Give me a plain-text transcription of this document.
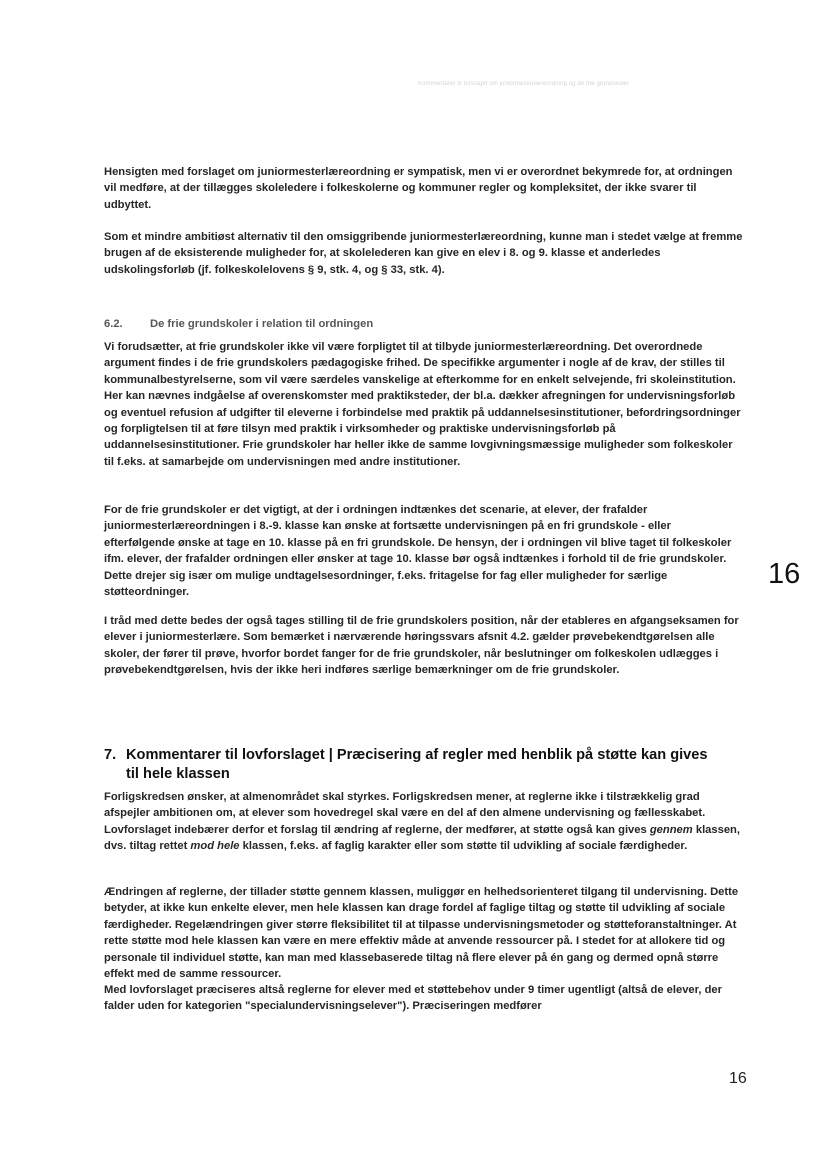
Kommentarer til forslaget om juniormesterlæreordning og de frie grundskoler

Hensigten med forslaget om juniormesterlæreordning er sympatisk, men vi er overordnet bekymrede for, at ordningen vil medføre, at der tillægges skoleledere i folkeskolerne og kommuner regler og kompleksitet, der ikke svarer til udbyttet.

Som et mindre ambitiøst alternativ til den omsiggribende juniormesterlæreordning, kunne man i stedet vælge at fremme brugen af de eksisterende muligheder for, at skolelederen kan give en elev i 8. og 9. klasse et anderledes udskolingsforløb (jf. folkeskolelovens § 9, stk. 4, og § 33, stk. 4).

6.2. De frie grundskoler i relation til ordningen

Vi forudsætter, at frie grundskoler ikke vil være forpligtet til at tilbyde juniormesterlæreordning. Det overordnede argument findes i de frie grundskolers pædagogiske frihed. De specifikke argumenter i nogle af de krav, der stilles til kommunalbestyrelserne, som vil være særdeles vanskelige at efterkomme for en enkelt selvejende, fri skoleinstitution. Her kan nævnes indgåelse af overenskomster med praktiksteder, der bl.a. dækker afregningen for undervisningsforløb og eventuel refusion af udgifter til eleverne i forbindelse med praktik på uddannelsesinstitutioner, befordringsordninger og forpligtelsen til at føre tilsyn med praktik i virksomheder og praktiske undervisningsforløb på uddannelsesinstitutioner. Frie grundskoler har heller ikke de samme lovgivningsmæssige muligheder som folkeskoler til f.eks. at samarbejde om undervisningen med andre institutioner.

For de frie grundskoler er det vigtigt, at der i ordningen indtænkes det scenarie, at elever, der frafalder juniormesterlæreordningen i 8.-9. klasse kan ønske at fortsætte undervisningen på en fri grundskole - eller efterfølgende ønske at tage en 10. klasse på en fri grundskole. De hensyn, der i ordningen vil blive taget til folkeskoler ifm. elever, der frafalder ordningen eller ønsker at tage 10. klasse bør også indtænkes i forhold til de frie grundskoler. Dette drejer sig især om mulige undtagelsesordninger, f.eks. fritagelse for fag eller muligheder for særlige støtteordninger.

I tråd med dette bedes der også tages stilling til de frie grundskolers position, når der etableres en afgangseksamen for elever i juniormesterlære. Som bemærket i nærværende høringssvars afsnit 4.2. gælder prøvebekendtgørelsen alle skoler, der fører til prøve, hvorfor bordet fanger for de frie grundskoler, når beslutninger om folkeskolen udlægges i prøvebekendtgørelsen, hvis der ikke heri indføres særlige bemærkninger om de frie grundskoler.

7. Kommentarer til lovforslaget | Præcisering af regler med henblik på støtte kan gives
til hele klassen

Forligskredsen ønsker, at almenområdet skal styrkes. Forligskredsen mener, at reglerne ikke i tilstrækkelig grad afspejler ambitionen om, at elever som hovedregel skal være en del af den almene undervisning og fællesskabet. Lovforslaget indebærer derfor et forslag til ændring af reglerne, der medfører, at støtte også kan gives gennem klassen, dvs. tiltag rettet mod hele klassen, f.eks. af faglig karakter eller som støtte til udvikling af sociale færdigheder.

Ændringen af reglerne, der tillader støtte gennem klassen, muliggør en helhedsorienteret tilgang til undervisning. Dette betyder, at ikke kun enkelte elever, men hele klassen kan drage fordel af faglige tiltag og støtte til udvikling af sociale færdigheder. Regelændringen giver større fleksibilitet til at tilpasse undervisningsmetoder og støtteforanstaltninger. At rette støtte mod hele klassen kan være en mere effektiv måde at anvende ressourcer på. I stedet for at allokere tid og personale til individuel støtte, kan man med klassebaserede tiltag nå flere elever på én gang og dermed opnå større effekt med de samme ressourcer.

Med lovforslaget præciseres altså reglerne for elever med et støttebehov under 9 timer ugentligt (altså de elever, der falder uden for kategorien "specialundervisningselever"). Præciseringen medfører

16
16
